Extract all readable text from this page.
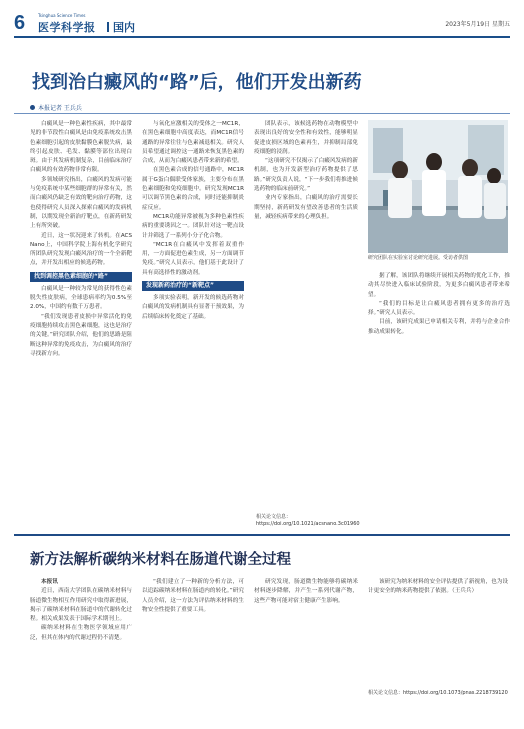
6	Tsinghua Science Times
医学科学报	国内	2023年5月19日 星期五
找到治白癜风的“路”后，他们开发出新药
本报记者 王兵兵

白癜风是一种色素性疾病，其中最常见的非节段性白癜风是由免疫系统攻击黑色素细胞引起的皮肤黏膜色素脱失病，最终引起皮肤、毛发、黏膜等部位出现白斑。由于其发病机制复杂，目前临床治疗白癜风的有效药物非常有限。

多领域研究指出，白癜风的发病可能与免疫系统中某些细胞群的异常有关，然而白癜风仍缺乏有效的靶向治疗药物，这也使得研究人员深入探索白癜风的发病机制，以期发现全新治疗靶点，在新药研发上有所突破。

近日，这一状况迎来了转机。在ACS Nano上，中国科学院上海有机化学研究所团队研究发现白癜风治疗的一个全新靶点，并开发出相应的候选药物。

找到调控黑色素细胞的“路”

白癜风是一种较为常见的获得性色素脱失性皮肤病，全球患病率约为0.5%至2.0%，中国约有数千万患者。

“我们发现患者皮损中异常活化的免疫细胞持续攻击黑色素细胞，这也是治疗的关键。”研究团队介绍，他们的思路是阻断这种异常的免疫攻击，为白癜风的治疗寻找新方向。

与氧化应激相关的受体之一MC1R，在黑色素细胞中高度表达，而MC1R信号通路的异常往往与色素减退相关。研究人员希望通过调控这一通路来恢复黑色素的合成，从而为白癜风患者带来新的希望。

在黑色素合成的信号通路中，MC1R属于G蛋白偶联受体家族，主要分布在黑色素细胞和免疫细胞中。研究发现MC1R可以调节黑色素的合成，同时还能抑制炎症反应。

MC1R功能异常被视为多种色素性疾病的重要诱因之一。团队针对这一靶点设计并筛选了一系列小分子化合物。

“MC1R在白癜风中发挥着双重作用，一方面促进色素生成，另一方面调节免疫。”研究人员表示，他们基于此设计了具有高选择性的激动剂。

发现新药治疗的“新靶点”

多项实验表明，新开发的候选药物对白癜风的发病机制具有显著干预效果，为后续临床转化奠定了基础。

团队表示，该候选药物在动物模型中表现出良好的安全性和有效性，能够明显促进皮损区域的色素再生，并抑制局部免疫细胞的浸润。

“这项研究不仅揭示了白癜风发病的新机制，也为开发新型治疗药物提供了思路。”研究负责人说，“下一步我们将推进候选药物的临床前研究。”

业内专家指出，白癜风的治疗需要长期坚持，新药研发有望改善患者的生活质量，减轻疾病带来的心理负担。

研究团队在实验室讨论研究进展。受访者供图

据了解，该团队将继续开展相关药物的优化工作，推动其尽快进入临床试验阶段，为更多白癜风患者带来希望。

“我们的目标是让白癜风患者拥有更多的治疗选择。”研究人员表示。

目前，该研究成果已申请相关专利，并将与企业合作推动成果转化。

相关论文信息：https://doi.org/10.1021/acsnano.3c01960
新方法解析碳纳米材料在肠道代谢全过程

本报讯

近日，西南大学团队在碳纳米材料与肠道微生物相互作用研究中取得新进展，揭示了碳纳米材料在肠道中的代谢转化过程。相关成果发表于国际学术期刊上。

碳纳米材料在生物医学领域应用广泛，但其在体内的代谢过程仍不清楚。

“我们建立了一种新的分析方法，可以追踪碳纳米材料在肠道内的转化。”研究人员介绍，这一方法为评估纳米材料的生物安全性提供了重要工具。

研究发现，肠道微生物能够将碳纳米材料逐步降解，并产生一系列代谢产物，这些产物可能对宿主健康产生影响。

该研究为纳米材料的安全评估提供了新视角，也为设计更安全的纳米药物提供了依据。（王兵兵）

相关论文信息：https://doi.org/10.1073/pnas.2218739120
